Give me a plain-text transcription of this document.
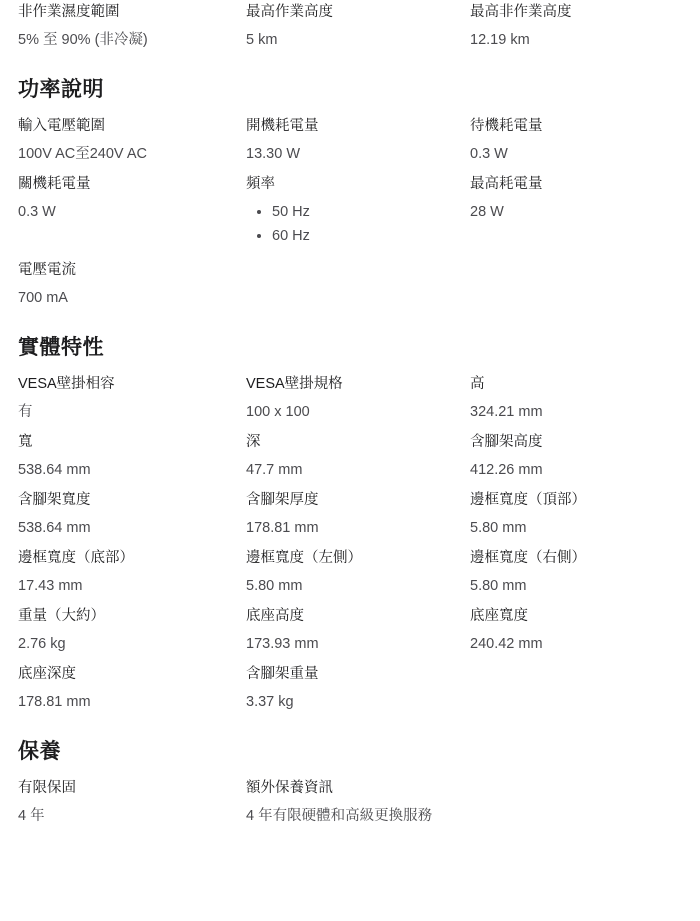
非作業濕度範圍
5% 至 90% (非冷凝)
最高作業高度
5 km
最高非作業高度
12.19 km
功率說明
輸入電壓範圍
100V AC至240V AC
開機耗電量
13.30 W
待機耗電量
0.3 W
關機耗電量
0.3 W
頻率
• 50 Hz
• 60 Hz
最高耗電量
28 W
電壓電流
700 mA
實體特性
VESA壁掛相容
有
VESA壁掛規格
100 x 100
高
324.21 mm
寬
538.64 mm
深
47.7 mm
含腳架高度
412.26 mm
含腳架寬度
538.64 mm
含腳架厚度
178.81 mm
邊框寬度（頂部）
5.80 mm
邊框寬度（底部）
17.43 mm
邊框寬度（左側）
5.80 mm
邊框寬度（右側）
5.80 mm
重量（大約）
2.76 kg
底座高度
173.93 mm
底座寬度
240.42 mm
底座深度
178.81 mm
含腳架重量
3.37 kg
保養
有限保固
4 年
額外保養資訊
4 年有限硬體和高級更換服務
